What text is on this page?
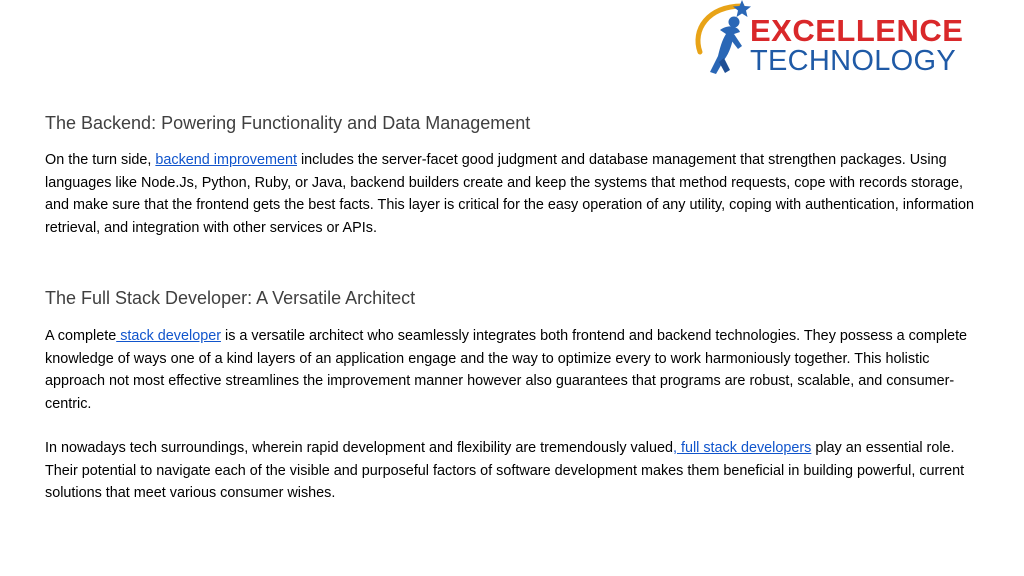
EXCELLENCE
TECHNOLOGY
The Backend: Powering Functionality and Data Management

On the turn side, backend improvement includes the server-facet good judgment and database management that strengthen packages. Using languages like Node.Js, Python, Ruby, or Java, backend builders create and keep the systems that method requests, cope with records storage, and make sure that the frontend gets the best facts. This layer is critical for the easy operation of any utility, coping with authentication, information retrieval, and integration with other services or APIs.

The Full Stack Developer: A Versatile Architect

A complete stack developer is a versatile architect who seamlessly integrates both frontend and backend technologies. They possess a complete knowledge of ways one of a kind layers of an application engage and the way to optimize every to work harmoniously together. This holistic approach not most effective streamlines the improvement manner however also guarantees that programs are robust, scalable, and consumer-centric.

In nowadays tech surroundings, wherein rapid development and flexibility are tremendously valued, full stack developers play an essential role. Their potential to navigate each of the visible and purposeful factors of software development makes them beneficial in building powerful, current solutions that meet various consumer wishes.
